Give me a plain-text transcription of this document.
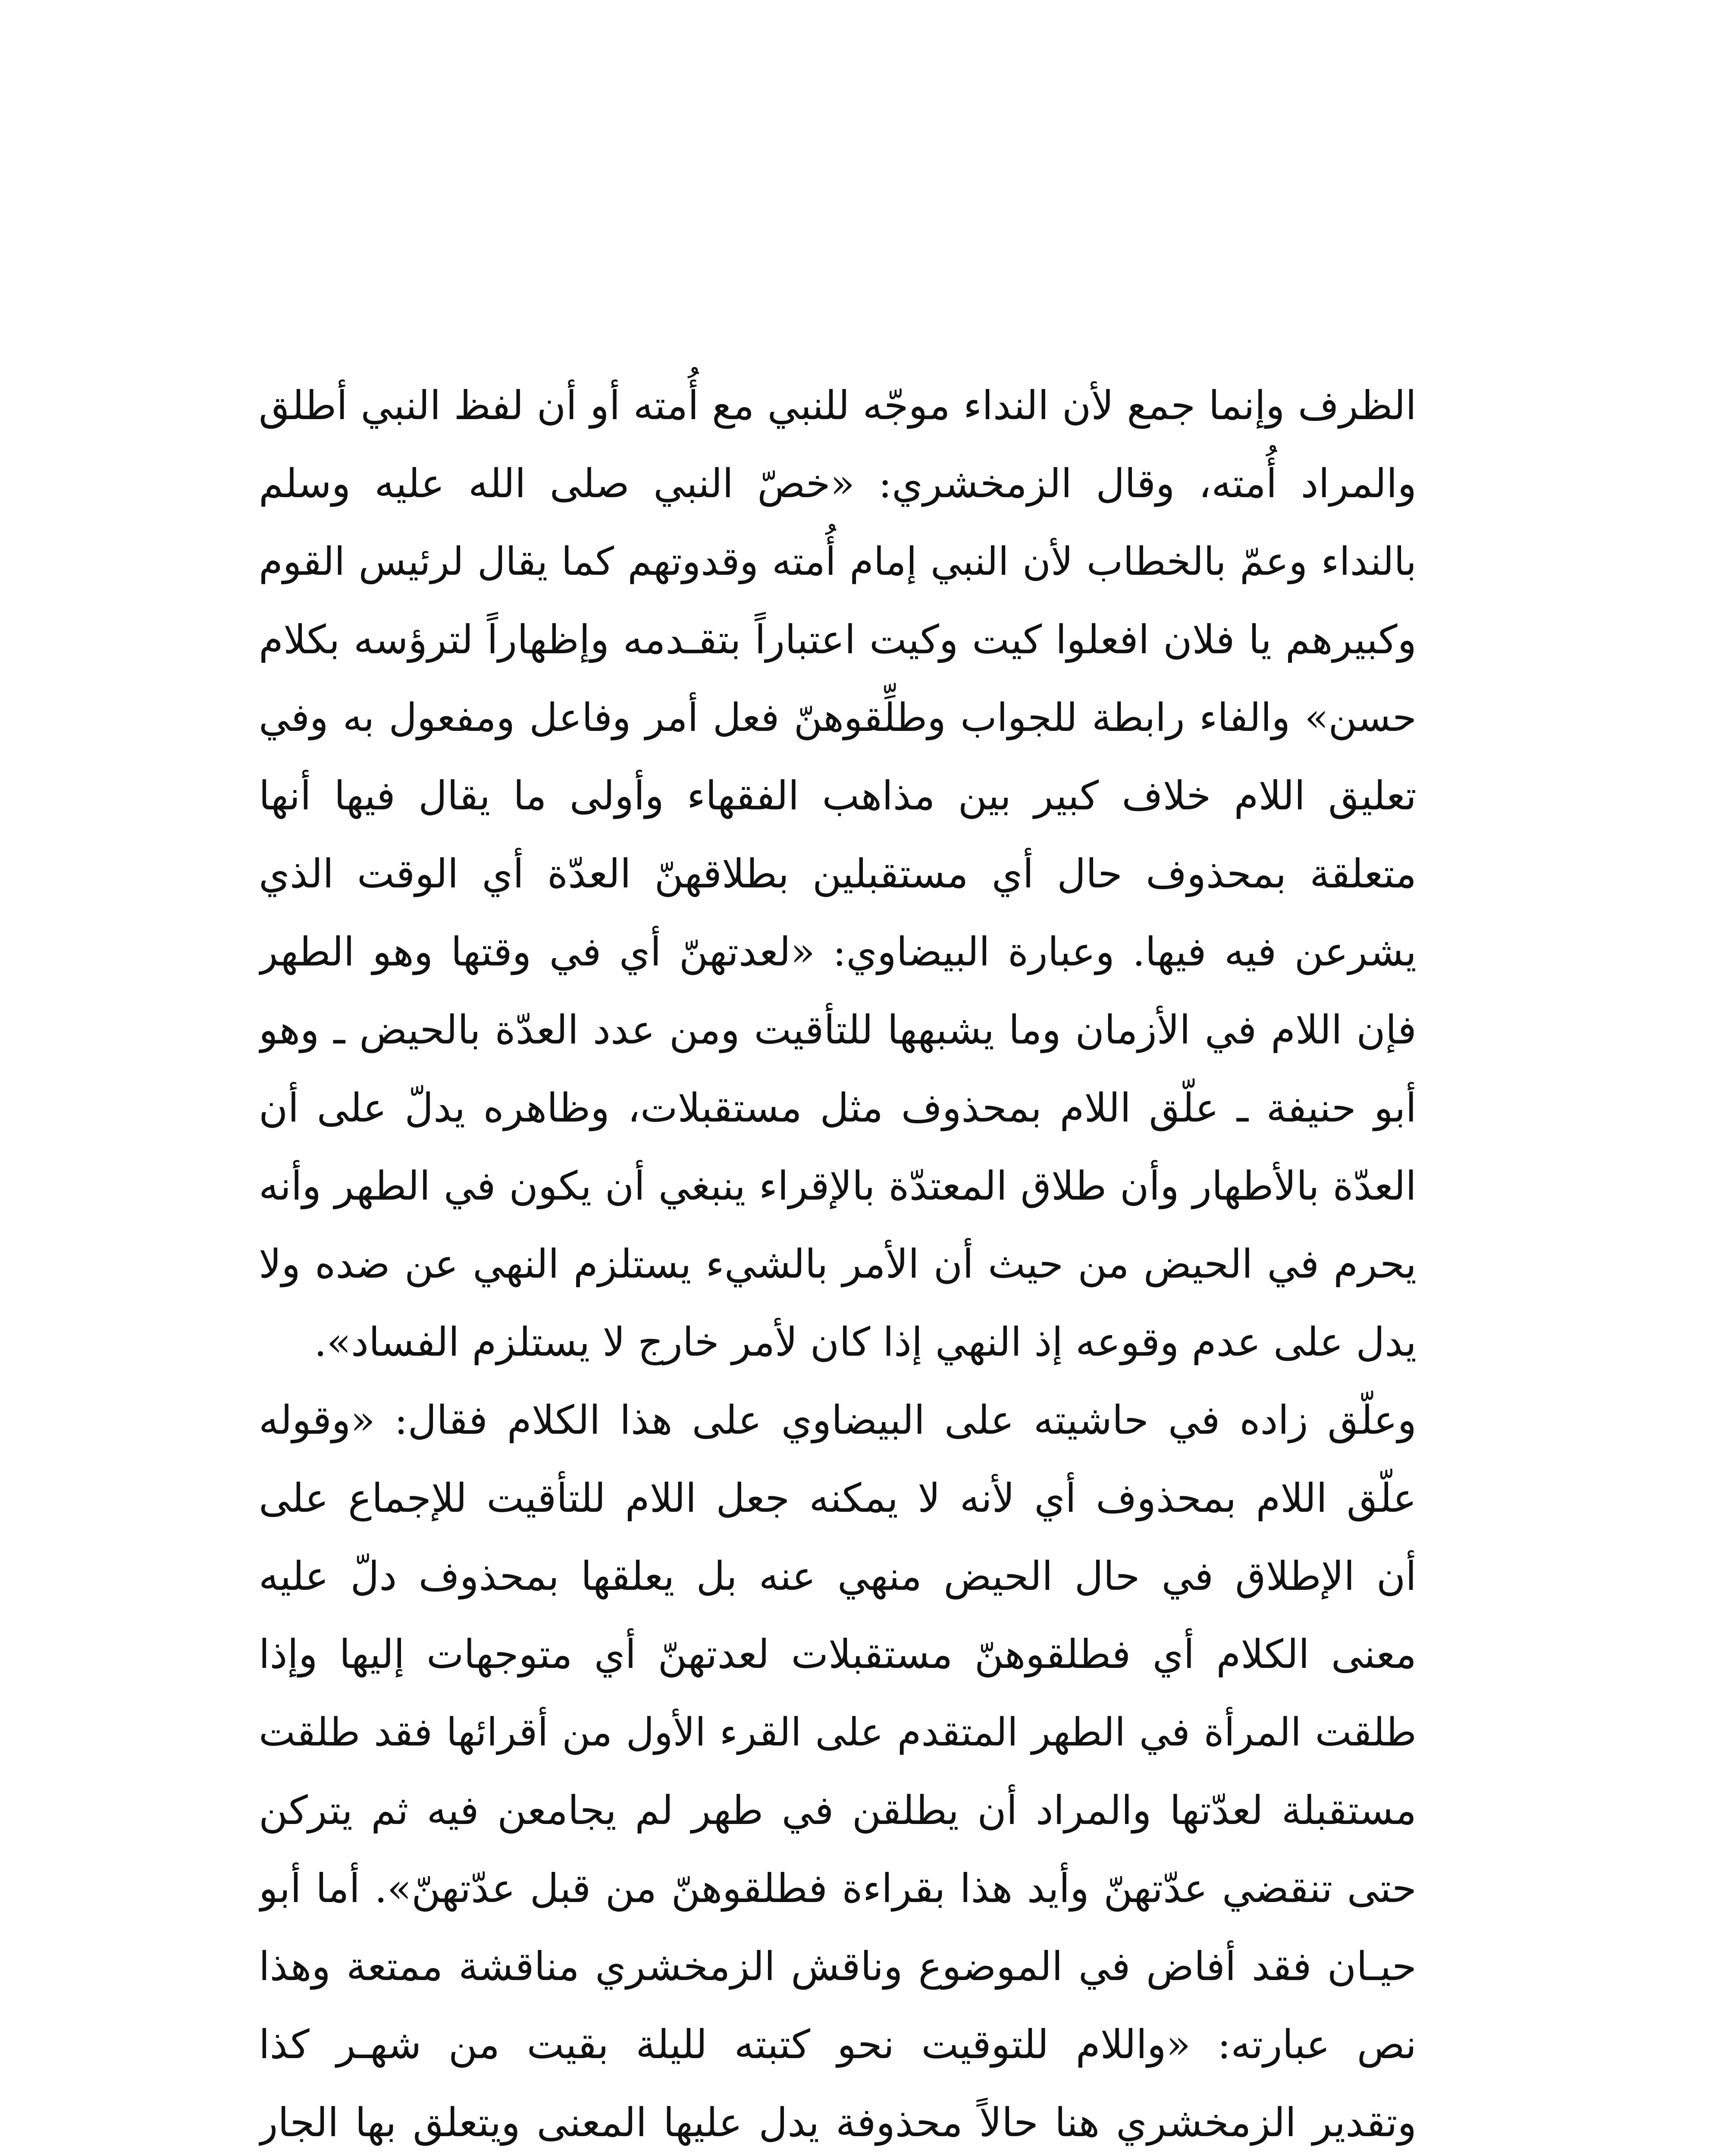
الظرف وإنما جمع لأن النداء موجّه للنبي مع أُمته أو أن لفظ النبي أطلق
والمراد أُمته، وقال الزمخشري: «خصّ النبي صلى الله عليه وسلم
بالنداء وعمّ بالخطاب لأن النبي إمام أُمته وقدوتهم كما يقال لرئيس القوم
وكبيرهم يا فلان افعلوا كيت وكيت اعتباراً بتقـدمه وإظهاراً لترؤسه بكلام
حسن» والفاء رابطة للجواب وطلِّقوهنّ فعل أمر وفاعل ومفعول به وفي
تعليق اللام خلاف كبير بين مذاهب الفقهاء وأولى ما يقال فيها أنها
متعلقة بمحذوف حال أي مستقبلين بطلاقهنّ العدّة أي الوقت الذي
يشرعن فيه فيها. وعبارة البيضاوي: «لعدتهنّ أي في وقتها وهو الطهر
فإن اللام في الأزمان وما يشبهها للتأقيت ومن عدد العدّة بالحيض ـ وهو
أبو حنيفة ـ علّق اللام بمحذوف مثل مستقبلات، وظاهره يدلّ على أن
العدّة بالأطهار وأن طلاق المعتدّة بالإقراء ينبغي أن يكون في الطهر وأنه
يحرم في الحيض من حيث أن الأمر بالشيء يستلزم النهي عن ضده ولا
يدل على عدم وقوعه إذ النهي إذا كان لأمر خارج لا يستلزم الفساد».
وعلّق زاده في حاشيته على البيضاوي على هذا الكلام فقال: «وقوله
علّق اللام بمحذوف أي لأنه لا يمكنه جعل اللام للتأقيت للإجماع على
أن الإطلاق في حال الحيض منهي عنه بل يعلقها بمحذوف دلّ عليه
معنى الكلام أي فطلقوهنّ مستقبلات لعدتهنّ أي متوجهات إليها وإذا
طلقت المرأة في الطهر المتقدم على القرء الأول من أقرائها فقد طلقت
مستقبلة لعدّتها والمراد أن يطلقن في طهر لم يجامعن فيه ثم يتركن
حتى تنقضي عدّتهنّ وأيد هذا بقراءة فطلقوهنّ من قبل عدّتهنّ». أما أبو
حيـان فقد أفاض في الموضوع وناقش الزمخشري مناقشة ممتعة وهذا
نص عبارته: «واللام للتوقيت نحو كتبته لليلة بقيت من شهـر كذا
وتقدير الزمخشري هنا حالاً محذوفة يدل عليها المعنى ويتعلق بها الجار
